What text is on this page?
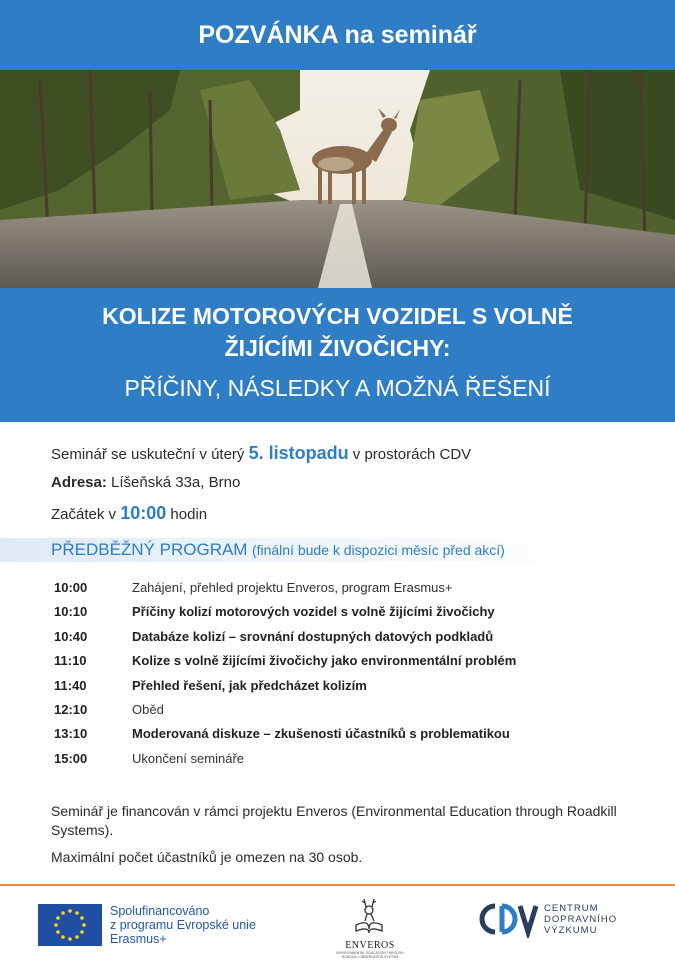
POZVÁNKA na seminář
KOLIZE MOTOROVÝCH VOZIDEL S VOLNĚ
ŽIJÍCÍMI ŽIVOČICHY:
PŘÍČINY, NÁSLEDKY A MOŽNÁ ŘEŠENÍ
Seminář se uskuteční v úterý 5. listopadu v prostorách CDV
Adresa: Líšeňská 33a, Brno
Začátek v 10:00 hodin
PŘEDBĚŽNÝ PROGRAM (finální bude k dispozici měsíc před akcí)
10:00	Zahájení, přehled projektu Enveros, program Erasmus+
10:10	Příčiny kolizí motorových vozidel s volně žijícími živočichy
10:40	Databáze kolizí – srovnání dostupných datových podkladů
11:10	Kolize s volně žijícími živočichy jako environmentální problém
11:40	Přehled řešení, jak předcházet kolizím
12:10	Oběd
13:10	Moderovaná diskuze – zkušenosti účastníků s problematikou
15:00	Ukončení semináře

Seminář je financován v rámci projektu Enveros (Environmental Education through Roadkill Systems).

Maximální počet účastníků je omezen na 30 osob.

Spolufinancováno
z programu Evropské unie
Erasmus+	ENVEROS
ENVIRONMENTAL EDUCATION THROUGH
ROADKILL OBSERVATION SYSTEM
CENTRUM
DOPRAVNÍHO
VÝZKUMU
